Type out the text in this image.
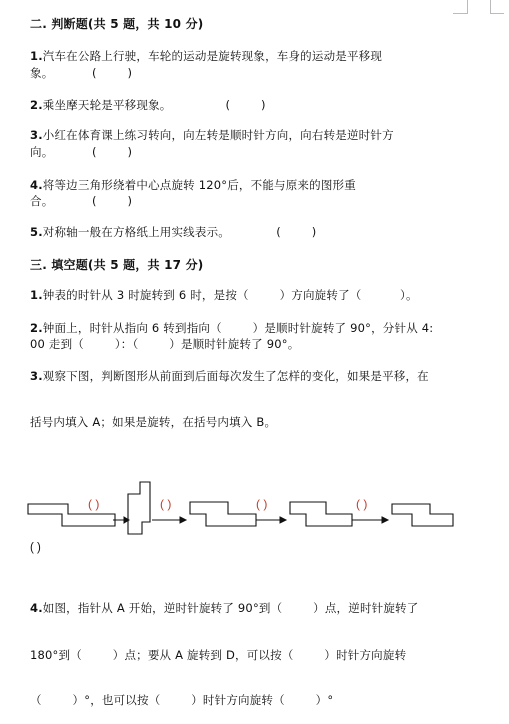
二. 判断题(共 5 题，共 10 分)
1.汽车在公路上行驶，车轮的运动是旋转现象，车身的运动是平移现
象。          (        )
2.乘坐摩天轮是平移现象。              (        )
3.小红在体育课上练习转向，向左转是顺时针方向，向右转是逆时针方
向。          (        )
4.将等边三角形绕着中心点旋转 120°后，不能与原来的图形重
合。          (        )
5.对称轴一般在方格纸上用实线表示。            (        )
三. 填空题(共 5 题，共 17 分)
1.钟表的时针从 3 时旋转到 6 时，是按（        ）方向旋转了（          ）。
2.钟面上，时针从指向 6 转到指向（        ）是顺时针旋转了 90°，分针从 4:
00 走到（        ）：（        ）是顺时针旋转了 90°。
3.观察下图，判断图形从前面到后面每次发生了怎样的变化，如果是平移，在
括号内填入 A；如果是旋转，在括号内填入 B。
( )	( )	( )	( )
( )
4.如图，指针从 A 开始，逆时针旋转了 90°到（        ）点，逆时针旋转了
180°到（        ）点；要从 A 旋转到 D，可以按（        ）时针方向旋转
（        ）°，也可以按（        ）时针方向旋转（        ）°
